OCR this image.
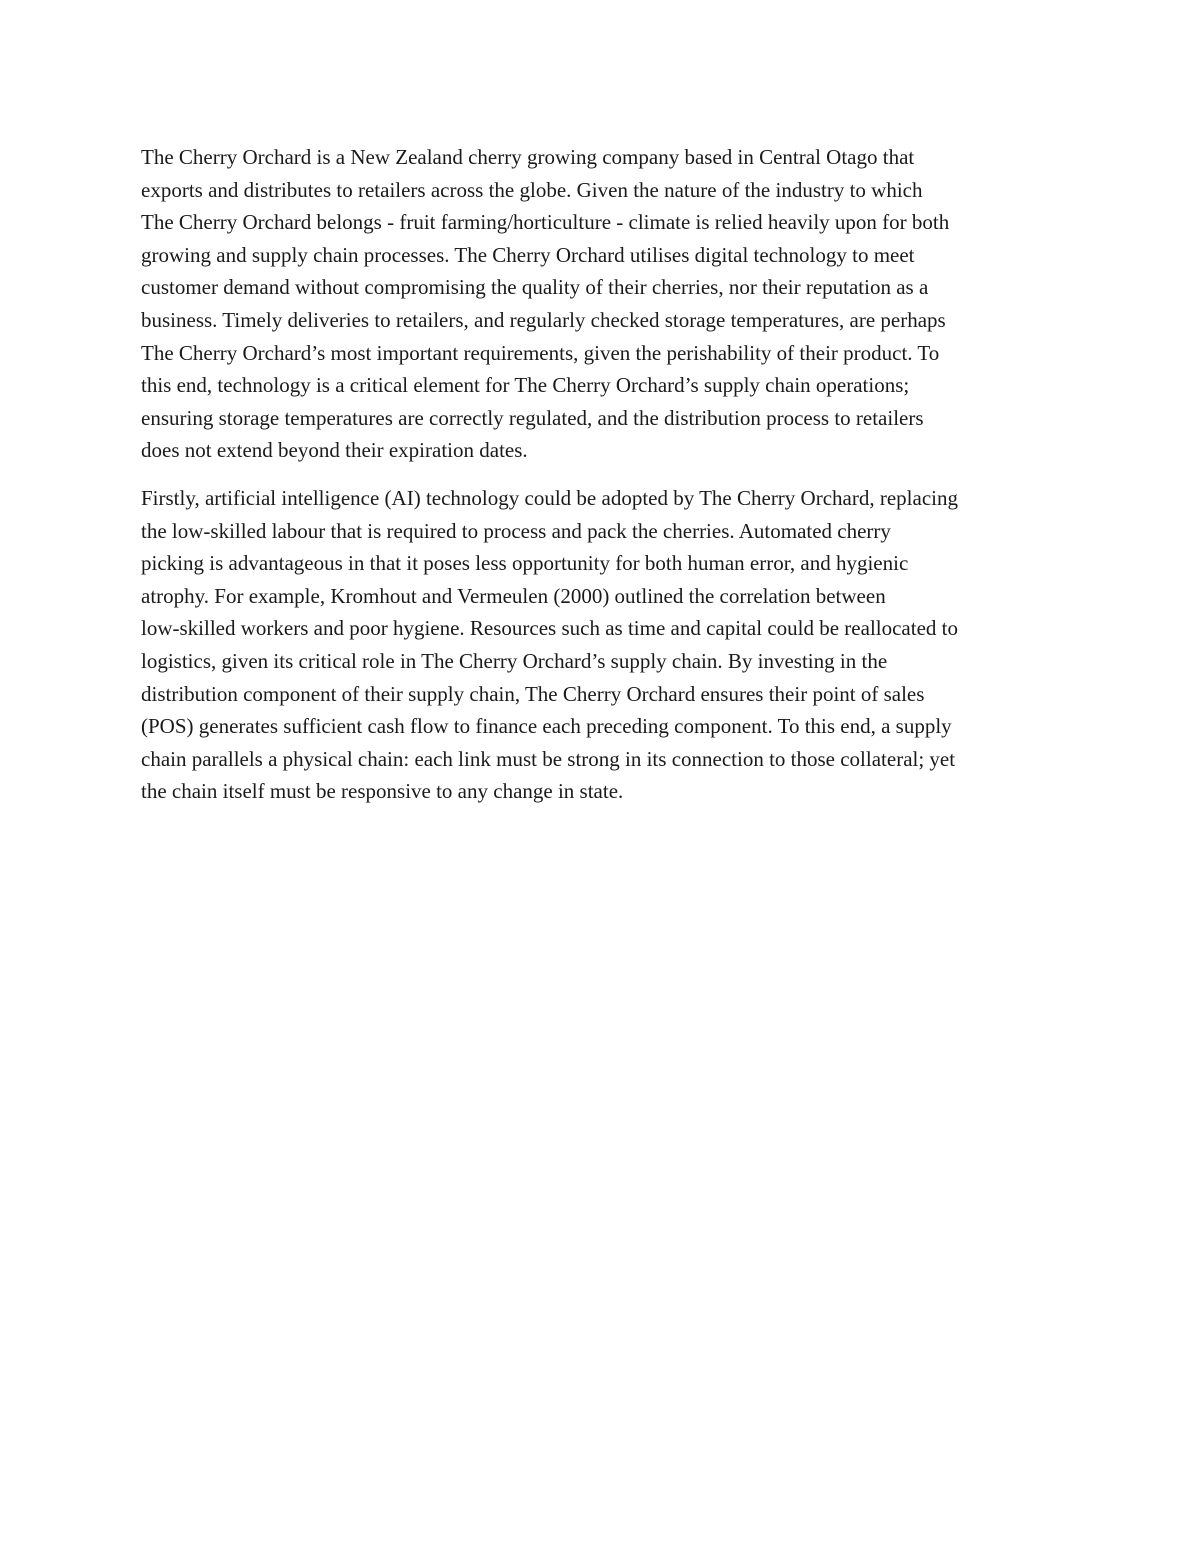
The Cherry Orchard is a New Zealand cherry growing company based in Central Otago that
exports and distributes to retailers across the globe. Given the nature of the industry to which
The Cherry Orchard belongs - fruit farming/horticulture - climate is relied heavily upon for both
growing and supply chain processes. The Cherry Orchard utilises digital technology to meet
customer demand without compromising the quality of their cherries, nor their reputation as a
business. Timely deliveries to retailers, and regularly checked storage temperatures, are perhaps
The Cherry Orchard’s most important requirements, given the perishability of their product. To
this end, technology is a critical element for The Cherry Orchard’s supply chain operations;
ensuring storage temperatures are correctly regulated, and the distribution process to retailers
does not extend beyond their expiration dates.

Firstly, artificial intelligence (AI) technology could be adopted by The Cherry Orchard, replacing
the low-skilled labour that is required to process and pack the cherries. Automated cherry
picking is advantageous in that it poses less opportunity for both human error, and hygienic
atrophy. For example, Kromhout and Vermeulen (2000) outlined the correlation between
low-skilled workers and poor hygiene. Resources such as time and capital could be reallocated to
logistics, given its critical role in The Cherry Orchard’s supply chain. By investing in the
distribution component of their supply chain, The Cherry Orchard ensures their point of sales
(POS) generates sufficient cash flow to finance each preceding component. To this end, a supply
chain parallels a physical chain: each link must be strong in its connection to those collateral; yet
the chain itself must be responsive to any change in state.
